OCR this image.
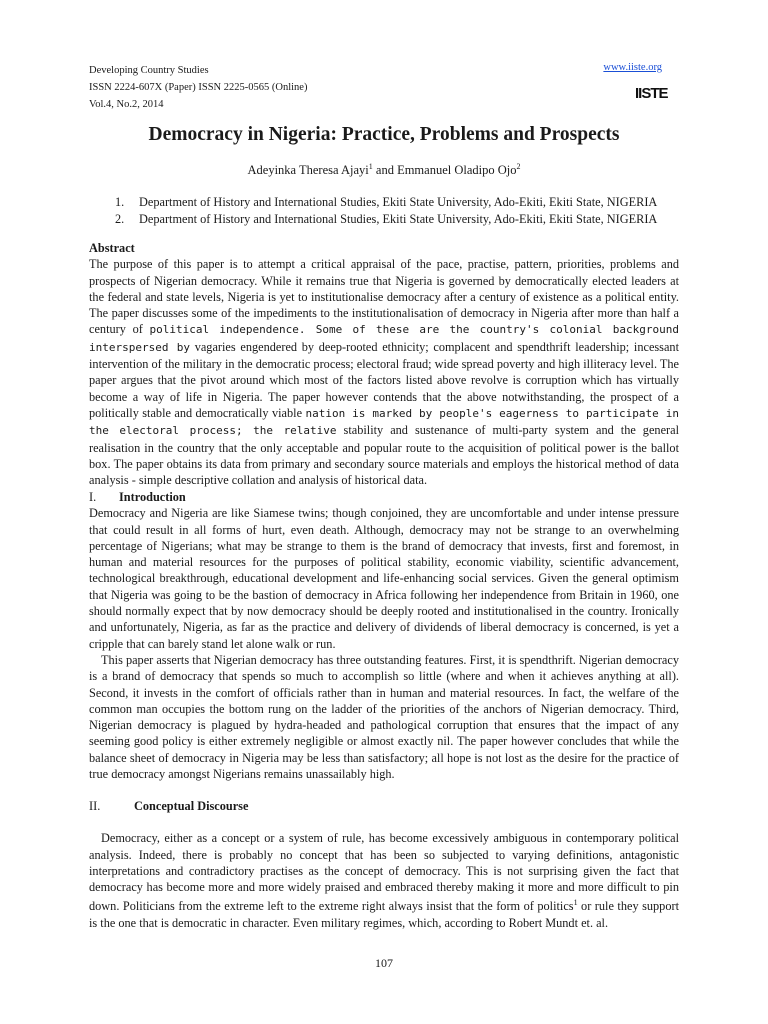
Developing Country Studies
ISSN 2224-607X (Paper) ISSN 2225-0565 (Online)
Vol.4, No.2, 2014
www.iiste.org
IISTE
Democracy in Nigeria: Practice, Problems and Prospects
Adeyinka Theresa Ajayi$^1$ and Emmanuel Oladipo Ojo$^2$
1. Department of History and International Studies, Ekiti State University, Ado-Ekiti, Ekiti State, NIGERIA
2. Department of History and International Studies, Ekiti State University, Ado-Ekiti, Ekiti State, NIGERIA

Abstract

The purpose of this paper is to attempt a critical appraisal of the pace, practise, pattern, priorities, problems and prospects of Nigerian democracy. While it remains true that Nigeria is governed by democratically elected leaders at the federal and state levels, Nigeria is yet to institutionalise democracy after a century of existence as a political entity. The paper discusses some of the impediments to the institutionalisation of democracy in Nigeria after more than half a century of political independence. Some of these are the country's colonial background interspersed by vagaries engendered by deep-rooted ethnicity; complacent and spendthrift leadership; incessant intervention of the military in the democratic process; electoral fraud; wide spread poverty and high illiteracy level. The paper argues that the pivot around which most of the factors listed above revolve is corruption which has virtually become a way of life in Nigeria. The paper however contends that the above notwithstanding, the prospect of a politically stable and democratically viable nation is marked by people's eagerness to participate in the electoral process; the relative stability and sustenance of multi-party system and the general realisation in the country that the only acceptable and popular route to the acquisition of political power is the ballot box. The paper obtains its data from primary and secondary source materials and employs the historical method of data analysis - simple descriptive collation and analysis of historical data.

I. Introduction

Democracy and Nigeria are like Siamese twins; though conjoined, they are uncomfortable and under intense pressure that could result in all forms of hurt, even death. Although, democracy may not be strange to an overwhelming percentage of Nigerians; what may be strange to them is the brand of democracy that invests, first and foremost, in human and material resources for the purposes of political stability, economic viability, scientific advancement, technological breakthrough, educational development and life-enhancing social services. Given the general optimism that Nigeria was going to be the bastion of democracy in Africa following her independence from Britain in 1960, one should normally expect that by now democracy should be deeply rooted and institutionalised in the country. Ironically and unfortunately, Nigeria, as far as the practice and delivery of dividends of liberal democracy is concerned, is yet a cripple that can barely stand let alone walk or run.

This paper asserts that Nigerian democracy has three outstanding features. First, it is spendthrift. Nigerian democracy is a brand of democracy that spends so much to accomplish so little (where and when it achieves anything at all). Second, it invests in the comfort of officials rather than in human and material resources. In fact, the welfare of the common man occupies the bottom rung on the ladder of the priorities of the anchors of Nigerian democracy. Third, Nigerian democracy is plagued by hydra-headed and pathological corruption that ensures that the impact of any seeming good policy is either extremely negligible or almost exactly nil. The paper however concludes that while the balance sheet of democracy in Nigeria may be less than satisfactory; all hope is not lost as the desire for the practice of true democracy amongst Nigerians remains unassailably high.

II.	Conceptual Discourse

Democracy, either as a concept or a system of rule, has become excessively ambiguous in contemporary political analysis. Indeed, there is probably no concept that has been so subjected to varying definitions, antagonistic interpretations and contradictory practises as the concept of democracy. This is not surprising given the fact that democracy has become more and more widely praised and embraced thereby making it more and more difficult to pin down. Politicians from the extreme left to the extreme right always insist that the form of politics$^1$ or rule they support is the one that is democratic in character. Even military regimes, which, according to Robert Mundt et. al.

107
